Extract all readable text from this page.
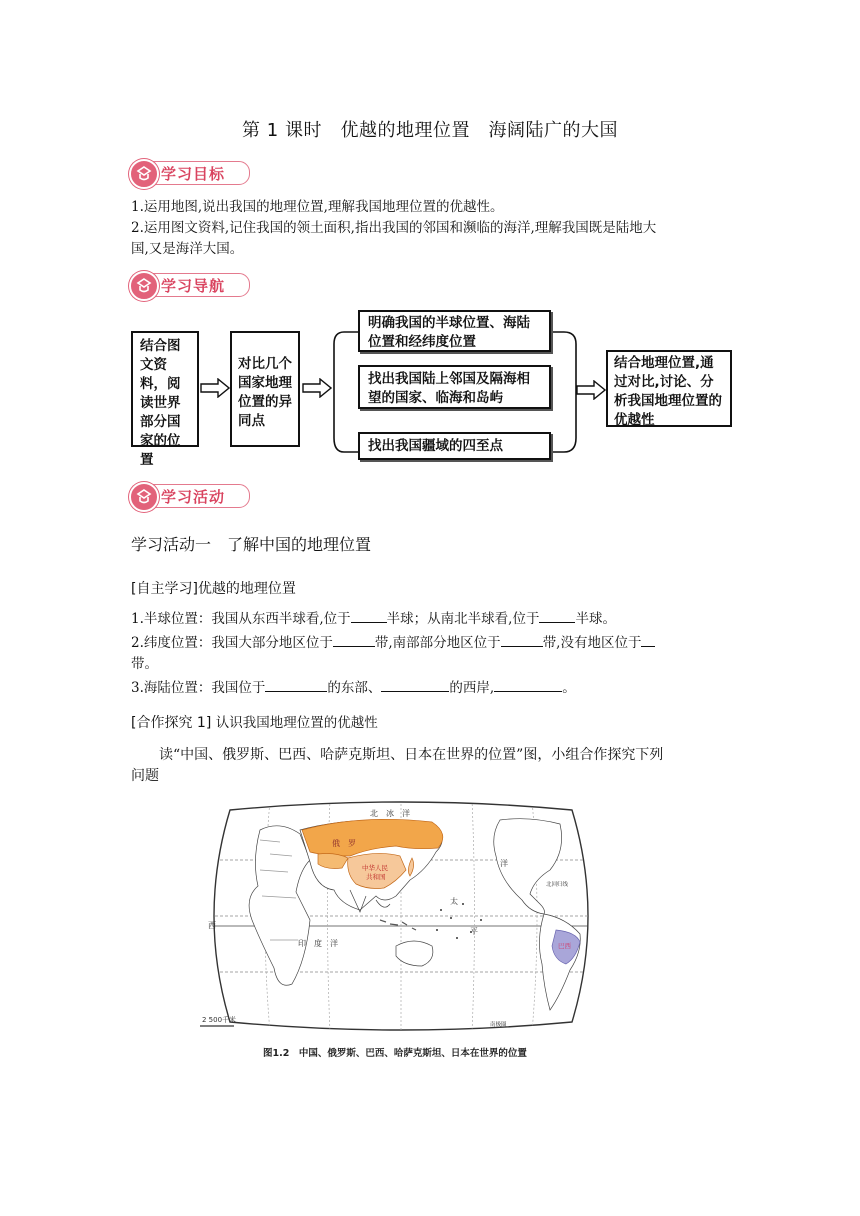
第 1 课时　优越的地理位置　海阔陆广的大国
学习目标
1.运用地图,说出我国的地理位置,理解我国地理位置的优越性。
2.运用图文资料,记住我国的领土面积,指出我国的邻国和濒临的海洋,理解我国既是陆地大
国,又是海洋大国。
学习导航
结合图文资料，阅读世界部分国家的位置
对比几个国家地理位置的异同点
明确我国的半球位置、海陆位置和经纬度位置
找出我国陆上邻国及隔海相望的国家、临海和岛屿
找出我国疆域的四至点
结合地理位置,通过对比,讨论、分析我国地理位置的优越性
学习活动
学习活动一　了解中国的地理位置
[自主学习]优越的地理位置
1.半球位置：我国从东西半球看,位于	半球；从南北半球看,位于	半球。
2.纬度位置：我国大部分地区位于	带,南部部分地区位于	带,没有地区位于
带。
3.海陆位置：我国位于	的东部、	的西岸,	。
[合作探究 1] 认识我国地理位置的优越性
读“中国、俄罗斯、巴西、哈萨克斯坦、日本在世界的位置”图，小组合作探究下列
问题
北　冰　洋
俄　罗
中华人民
共和国
太
平
洋
印　度　洋	巴西
北回归线
南极圈
西
2 500千米
图1.2　中国、俄罗斯、巴西、哈萨克斯坦、日本在世界的位置
